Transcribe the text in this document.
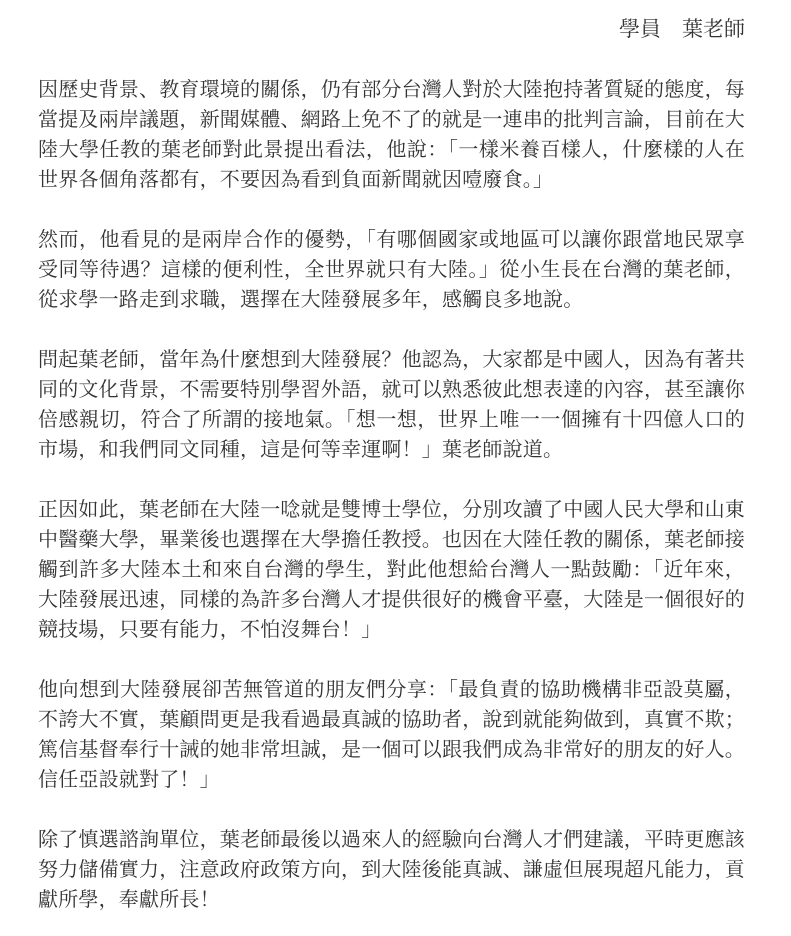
學員　葉老師

因歷史背景、教育環境的關係，仍有部分台灣人對於大陸抱持著質疑的態度，每當提及兩岸議題，新聞媒體、網路上免不了的就是一連串的批判言論，目前在大陸大學任教的葉老師對此景提出看法，他說：「一樣米養百樣人，什麼樣的人在世界各個角落都有，不要因為看到負面新聞就因噎廢食。」

然而，他看見的是兩岸合作的優勢，「有哪個國家或地區可以讓你跟當地民眾享受同等待遇？這樣的便利性，全世界就只有大陸。」從小生長在台灣的葉老師，從求學一路走到求職，選擇在大陸發展多年，感觸良多地說。

問起葉老師，當年為什麼想到大陸發展？他認為，大家都是中國人，因為有著共同的文化背景，不需要特別學習外語，就可以熟悉彼此想表達的內容，甚至讓你倍感親切，符合了所謂的接地氣。「想一想，世界上唯一一個擁有十四億人口的市場，和我們同文同種，這是何等幸運啊！」葉老師說道。

正因如此，葉老師在大陸一唸就是雙博士學位，分別攻讀了中國人民大學和山東中醫藥大學，畢業後也選擇在大學擔任教授。也因在大陸任教的關係，葉老師接觸到許多大陸本土和來自台灣的學生，對此他想給台灣人一點鼓勵：「近年來，大陸發展迅速，同樣的為許多台灣人才提供很好的機會平臺，大陸是一個很好的競技場，只要有能力，不怕沒舞台！」

他向想到大陸發展卻苦無管道的朋友們分享：「最負責的協助機構非亞設莫屬，不誇大不實，葉顧問更是我看過最真誠的協助者，說到就能夠做到，真實不欺；篤信基督奉行十誡的她非常坦誠，是一個可以跟我們成為非常好的朋友的好人。信任亞設就對了！」

除了慎選諮詢單位，葉老師最後以過來人的經驗向台灣人才們建議，平時更應該努力儲備實力，注意政府政策方向，到大陸後能真誠、謙虛但展現超凡能力，貢獻所學，奉獻所長！
